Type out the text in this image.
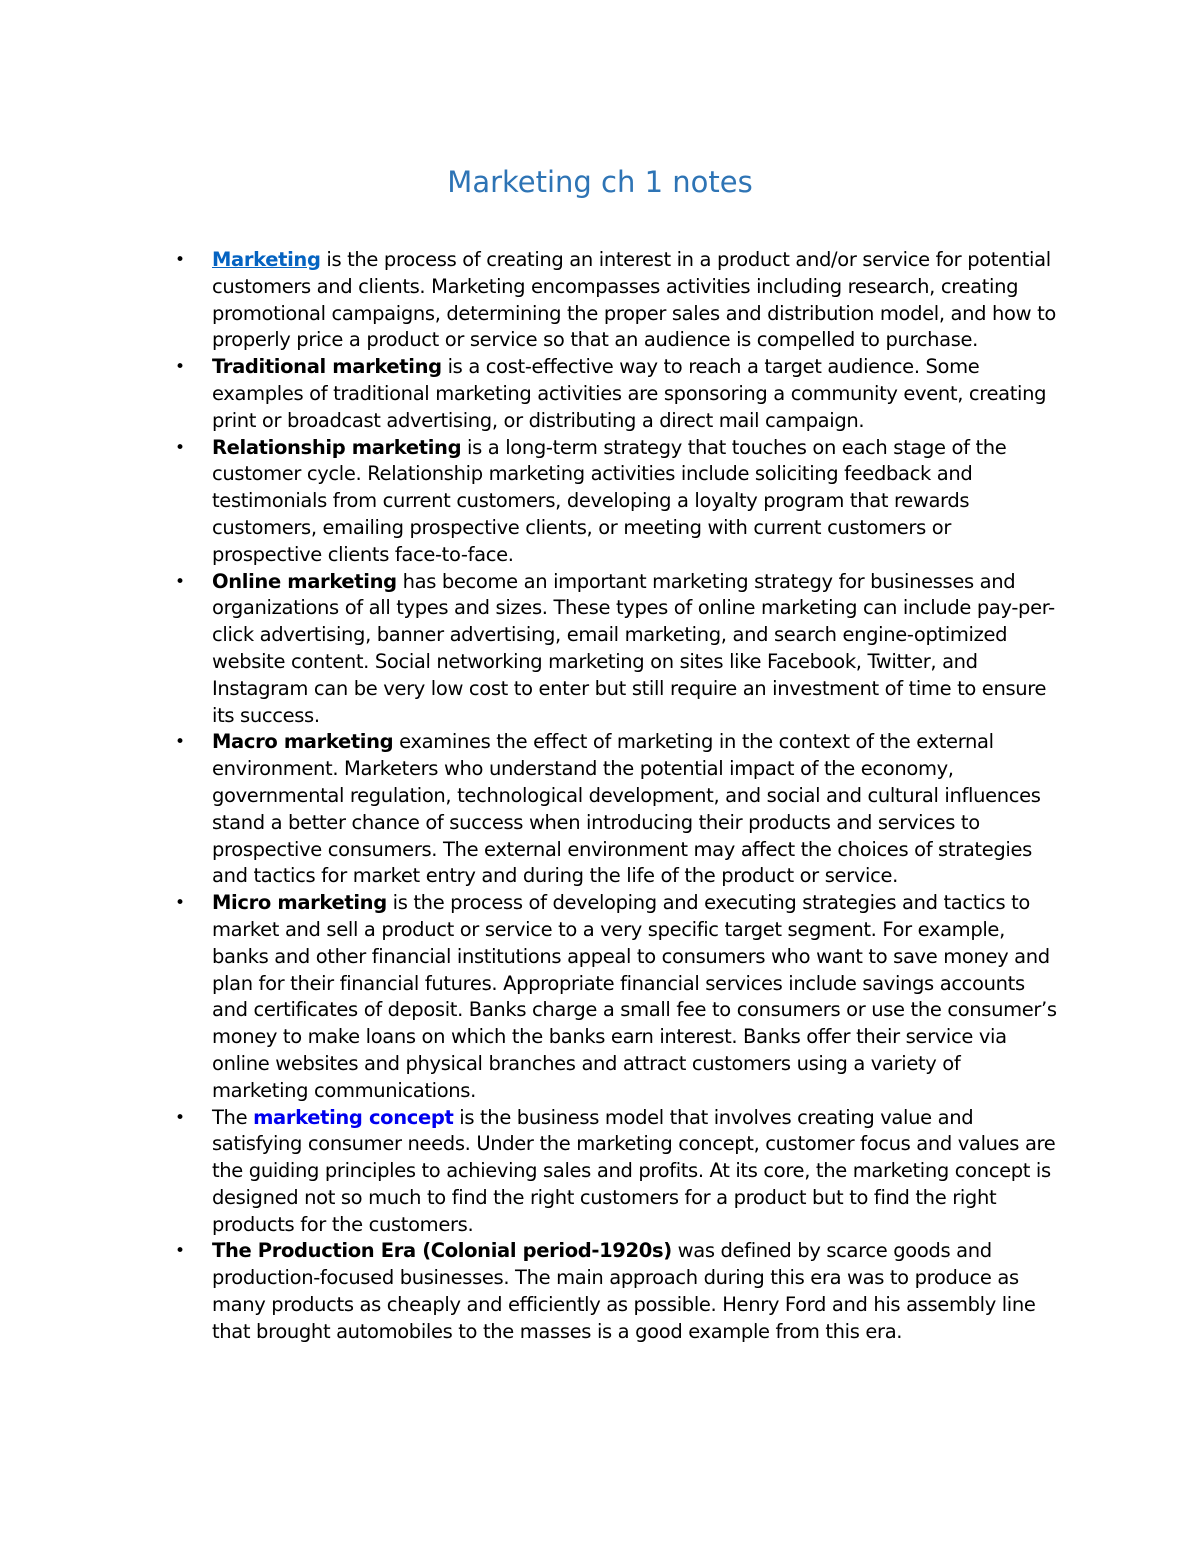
Marketing ch 1 notes
• Marketing is the process of creating an interest in a product and/or service for potential customers and clients. Marketing encompasses activities including research, creating promotional campaigns, determining the proper sales and distribution model, and how to properly price a product or service so that an audience is compelled to purchase.
• Traditional marketing is a cost-effective way to reach a target audience. Some examples of traditional marketing activities are sponsoring a community event, creating print or broadcast advertising, or distributing a direct mail campaign.
• Relationship marketing is a long-term strategy that touches on each stage of the customer cycle. Relationship marketing activities include soliciting feedback and testimonials from current customers, developing a loyalty program that rewards customers, emailing prospective clients, or meeting with current customers or prospective clients face-to-face.
• Online marketing has become an important marketing strategy for businesses and organizations of all types and sizes. These types of online marketing can include pay-per-click advertising, banner advertising, email marketing, and search engine-optimized website content. Social networking marketing on sites like Facebook, Twitter, and Instagram can be very low cost to enter but still require an investment of time to ensure its success.
• Macro marketing examines the effect of marketing in the context of the external environment. Marketers who understand the potential impact of the economy, governmental regulation, technological development, and social and cultural influences stand a better chance of success when introducing their products and services to prospective consumers. The external environment may affect the choices of strategies and tactics for market entry and during the life of the product or service.
• Micro marketing is the process of developing and executing strategies and tactics to market and sell a product or service to a very specific target segment. For example, banks and other financial institutions appeal to consumers who want to save money and plan for their financial futures. Appropriate financial services include savings accounts and certificates of deposit. Banks charge a small fee to consumers or use the consumer’s money to make loans on which the banks earn interest. Banks offer their service via online websites and physical branches and attract customers using a variety of marketing communications.
• The marketing concept is the business model that involves creating value and satisfying consumer needs. Under the marketing concept, customer focus and values are the guiding principles to achieving sales and profits. At its core, the marketing concept is designed not so much to find the right customers for a product but to find the right products for the customers.
• The Production Era (Colonial period-1920s) was defined by scarce goods and production-focused businesses. The main approach during this era was to produce as many products as cheaply and efficiently as possible. Henry Ford and his assembly line that brought automobiles to the masses is a good example from this era.
